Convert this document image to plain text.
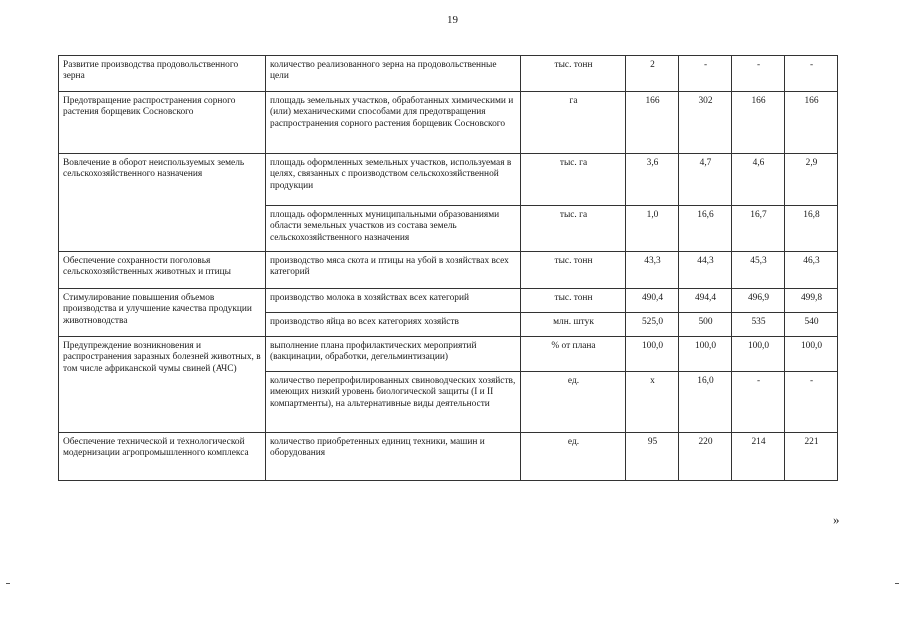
19
Развитие производства продовольственного зерна	количество реализованного зерна на продовольственные цели	тыс. тонн	2	-	-	-
Предотвращение распространения сорного растения борщевик Сосновского	площадь земельных участков, обработанных химическими и (или) механическими способами для предотвращения распространения сорного растения борщевик Сосновского	га	166	302	166	166
Вовлечение в оборот неиспользуемых земель сельскохозяйственного назначения	площадь оформленных земельных участков, используемая в целях, связанных с производством сельскохозяйственной продукции	тыс. га	3,6	4,7	4,6	2,9
	площадь оформленных муниципальными образованиями области земельных участков из состава земель сельскохозяйственного назначения	тыс. га	1,0	16,6	16,7	16,8
Обеспечение сохранности поголовья сельскохозяйственных животных и птицы	производство мяса скота и птицы на убой в хозяйствах всех категорий	тыс. тонн	43,3	44,3	45,3	46,3
Стимулирование повышения объемов производства и улучшение качества продукции животноводства	производство молока в хозяйствах всех категорий	тыс. тонн	490,4	494,4	496,9	499,8
	производство яйца во всех категориях хозяйств	млн. штук	525,0	500	535	540
Предупреждение возникновения и распространения заразных болезней животных, в том числе африканской чумы свиней (АЧС)	выполнение плана профилактических мероприятий (вакцинации, обработки, дегельминтизации)	% от плана	100,0	100,0	100,0	100,0
	количество перепрофилированных свиноводческих хозяйств, имеющих низкий уровень биологической защиты (I и II компартменты), на альтернативные виды деятельности	ед.	х	16,0	-	-
Обеспечение технической и технологической модернизации агропромышленного комплекса	количество приобретенных единиц техники, машин и оборудования	ед.	95	220	214	221
»
